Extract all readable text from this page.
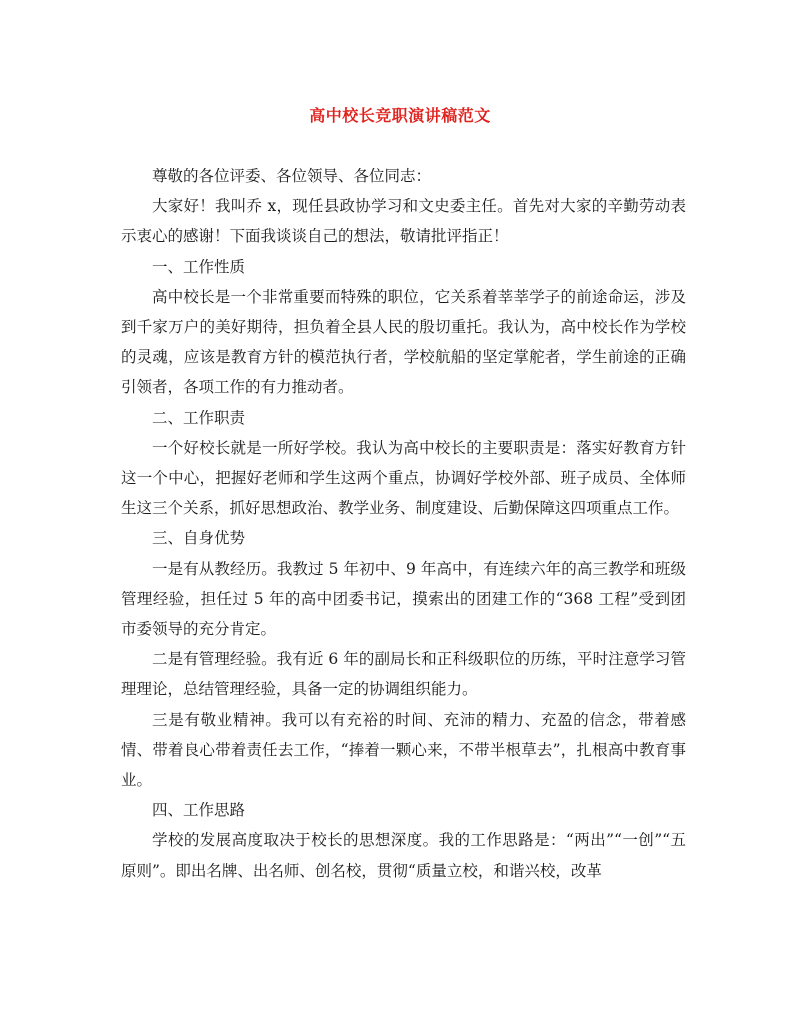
高中校长竞职演讲稿范文

尊敬的各位评委、各位领导、各位同志：

大家好！我叫乔 x，现任县政协学习和文史委主任。首先对大家的辛勤劳动表示衷心的感谢！下面我谈谈自己的想法，敬请批评指正！

一、工作性质

高中校长是一个非常重要而特殊的职位，它关系着莘莘学子的前途命运，涉及到千家万户的美好期待，担负着全县人民的殷切重托。我认为，高中校长作为学校的灵魂，应该是教育方针的模范执行者，学校航船的坚定掌舵者，学生前途的正确引领者，各项工作的有力推动者。

二、工作职责

一个好校长就是一所好学校。我认为高中校长的主要职责是：落实好教育方针这一个中心，把握好老师和学生这两个重点，协调好学校外部、班子成员、全体师生这三个关系，抓好思想政治、教学业务、制度建设、后勤保障这四项重点工作。

三、自身优势

一是有从教经历。我教过 5 年初中、9 年高中，有连续六年的高三教学和班级管理经验，担任过 5 年的高中团委书记，摸索出的团建工作的“368 工程”受到团市委领导的充分肯定。

二是有管理经验。我有近 6 年的副局长和正科级职位的历练，平时注意学习管理理论，总结管理经验，具备一定的协调组织能力。

三是有敬业精神。我可以有充裕的时间、充沛的精力、充盈的信念，带着感情、带着良心带着责任去工作，“捧着一颗心来，不带半根草去”，扎根高中教育事业。

四、工作思路

学校的发展高度取决于校长的思想深度。我的工作思路是：“两出”“一创”“五原则”。即出名牌、出名师、创名校，贯彻“质量立校，和谐兴校，改革
